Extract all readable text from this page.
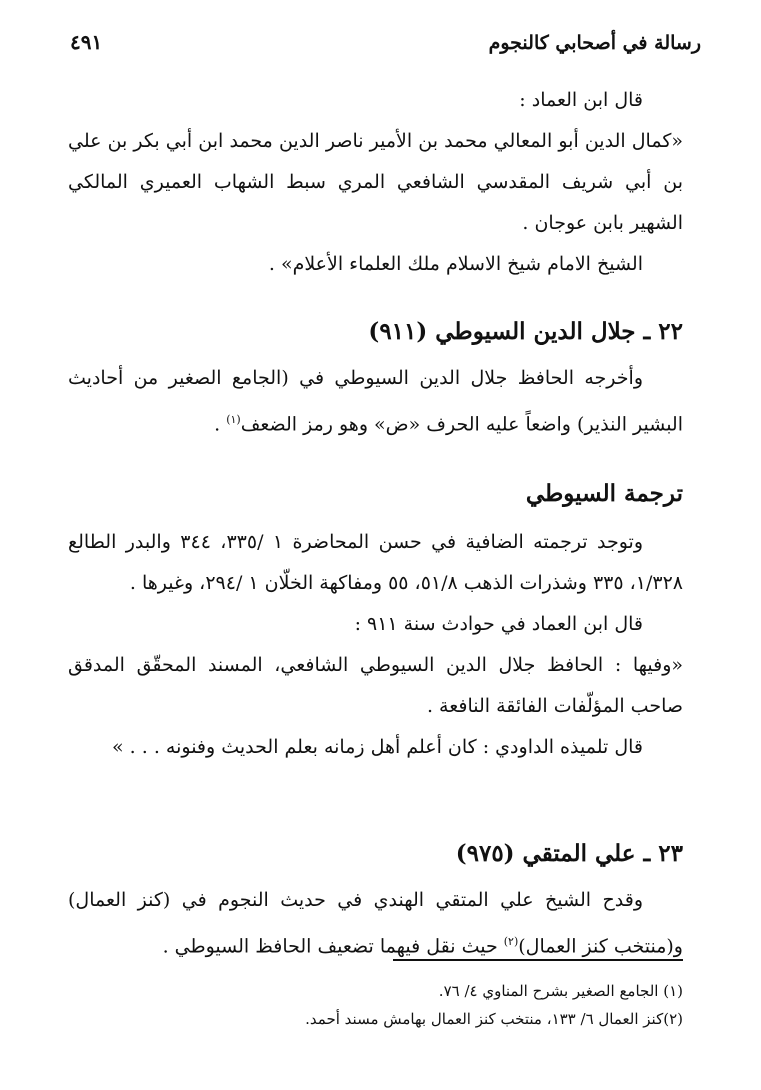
رسالة في أصحابي كالنجوم
٤٩١
قال ابن العماد :
«كمال الدين أبو المعالي محمد بن الأمير ناصر الدين محمد ابن أبي بكر بن علي بن أبي شريف المقدسي الشافعي المري سبط الشهاب العميري المالكي الشهير بابن عوجان .
الشيخ الامام شيخ الاسلام ملك العلماء الأعلام» .
٢٢ ـ جلال الدين السيوطي (٩١١)
وأخرجه الحافظ جلال الدين السيوطي في (الجامع الصغير من أحاديث البشير النذير) واضعاً عليه الحرف «ض» وهو رمز الضعف$^{(١)}$ .
ترجمة السيوطي
وتوجد ترجمته الضافية في حسن المحاضرة ١ /٣٣٥، ٣٤٤ والبدر الطالع ١/٣٢٨، ٣٣٥ وشذرات الذهب ٥١/٨، ٥٥ ومفاكهة الخلّان ١ /٢٩٤، وغيرها .
قال ابن العماد في حوادث سنة ٩١١ :
«وفيها : الحافظ جلال الدين السيوطي الشافعي، المسند المحقّق المدقق صاحب المؤلّفات الفائقة النافعة .
قال تلميذه الداودي : كان أعلم أهل زمانه بعلم الحديث وفنونه . . . »
٢٣ ـ علي المتقي (٩٧٥)
وقدح الشيخ علي المتقي الهندي في حديث النجوم في (كنز العمال) و(منتخب كنز العمال)$^{(٢)}$ حيث نقل فيهما تضعيف الحافظ السيوطي .
(١) الجامع الصغير بشرح المناوي ٤/ ٧٦.
(٢)كنز العمال ٦/ ١٣٣، منتخب كنز العمال بهامش مسند أحمد.
